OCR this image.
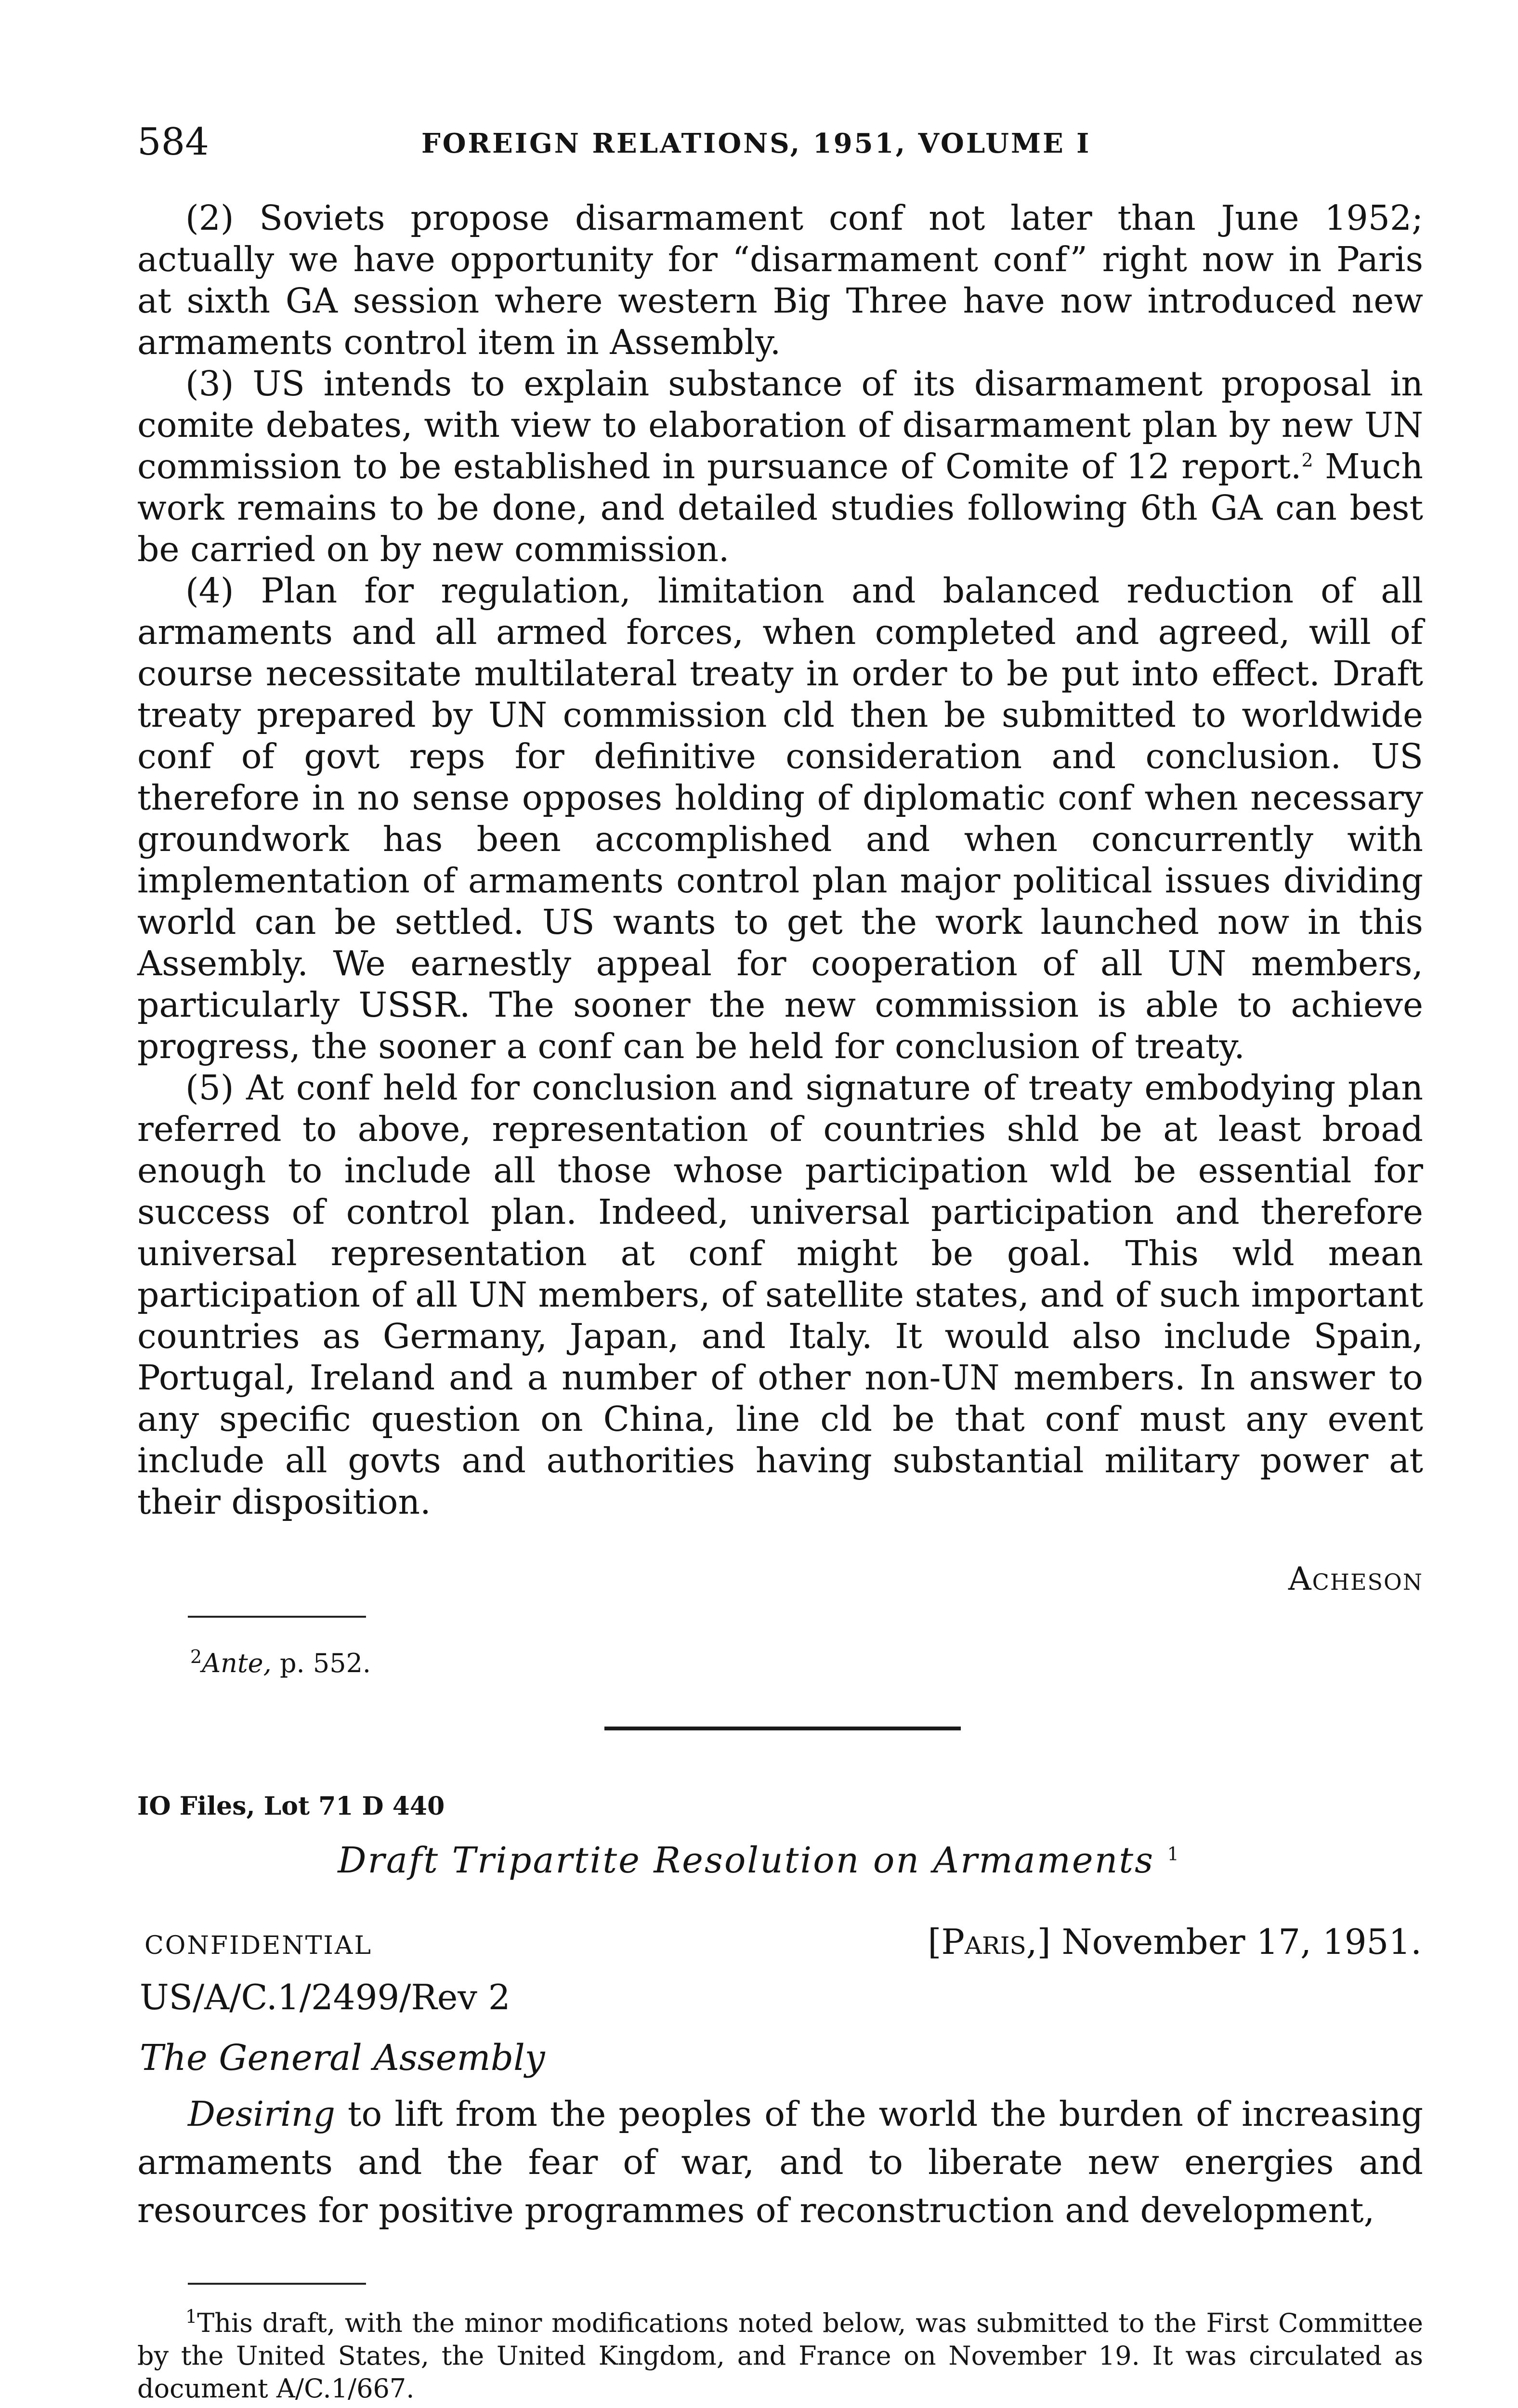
584	FOREIGN RELATIONS, 1951, VOLUME I

(2) Soviets propose disarmament conf not later than June 1952; actually we have opportunity for “disarmament conf” right now in Paris at sixth GA session where western Big Three have now introduced new armaments control item in Assembly.

(3) US intends to explain substance of its disarmament proposal in comite debates, with view to elaboration of disarmament plan by new UN commission to be established in pursuance of Comite of 12 report.$^2$ Much work remains to be done, and detailed studies following 6th GA can best be carried on by new commission.

(4) Plan for regulation, limitation and balanced reduction of all armaments and all armed forces, when completed and agreed, will of course necessitate multilateral treaty in order to be put into effect. Draft treaty prepared by UN commission cld then be submitted to worldwide conf of govt reps for definitive consideration and conclusion. US therefore in no sense opposes holding of diplomatic conf when necessary groundwork has been accomplished and when concurrently with implementation of armaments control plan major political issues dividing world can be settled. US wants to get the work launched now in this Assembly. We earnestly appeal for cooperation of all UN members, particularly USSR. The sooner the new commission is able to achieve progress, the sooner a conf can be held for conclusion of treaty.

(5) At conf held for conclusion and signature of treaty embodying plan referred to above, representation of countries shld be at least broad enough to include all those whose participation wld be essential for success of control plan. Indeed, universal participation and therefore universal representation at conf might be goal. This wld mean participation of all UN members, of satellite states, and of such important countries as Germany, Japan, and Italy. It would also include Spain, Portugal, Ireland and a number of other non-UN members. In answer to any specific question on China, line cld be that conf must any event include all govts and authorities having substantial military power at their disposition.

Acheson
$^2$Ante, p. 552.
IO Files, Lot 71 D 440
Draft Tripartite Resolution on Armaments $^1$
CONFIDENTIAL	[Paris,] November 17, 1951.
US/A/C.1/2499/Rev 2
The General Assembly
Desiring to lift from the peoples of the world the burden of increasing armaments and the fear of war, and to liberate new energies and resources for positive programmes of reconstruction and development,
$^1$This draft, with the minor modifications noted below, was submitted to the First Committee by the United States, the United Kingdom, and France on November 19. It was circulated as document A/C.1/667.
